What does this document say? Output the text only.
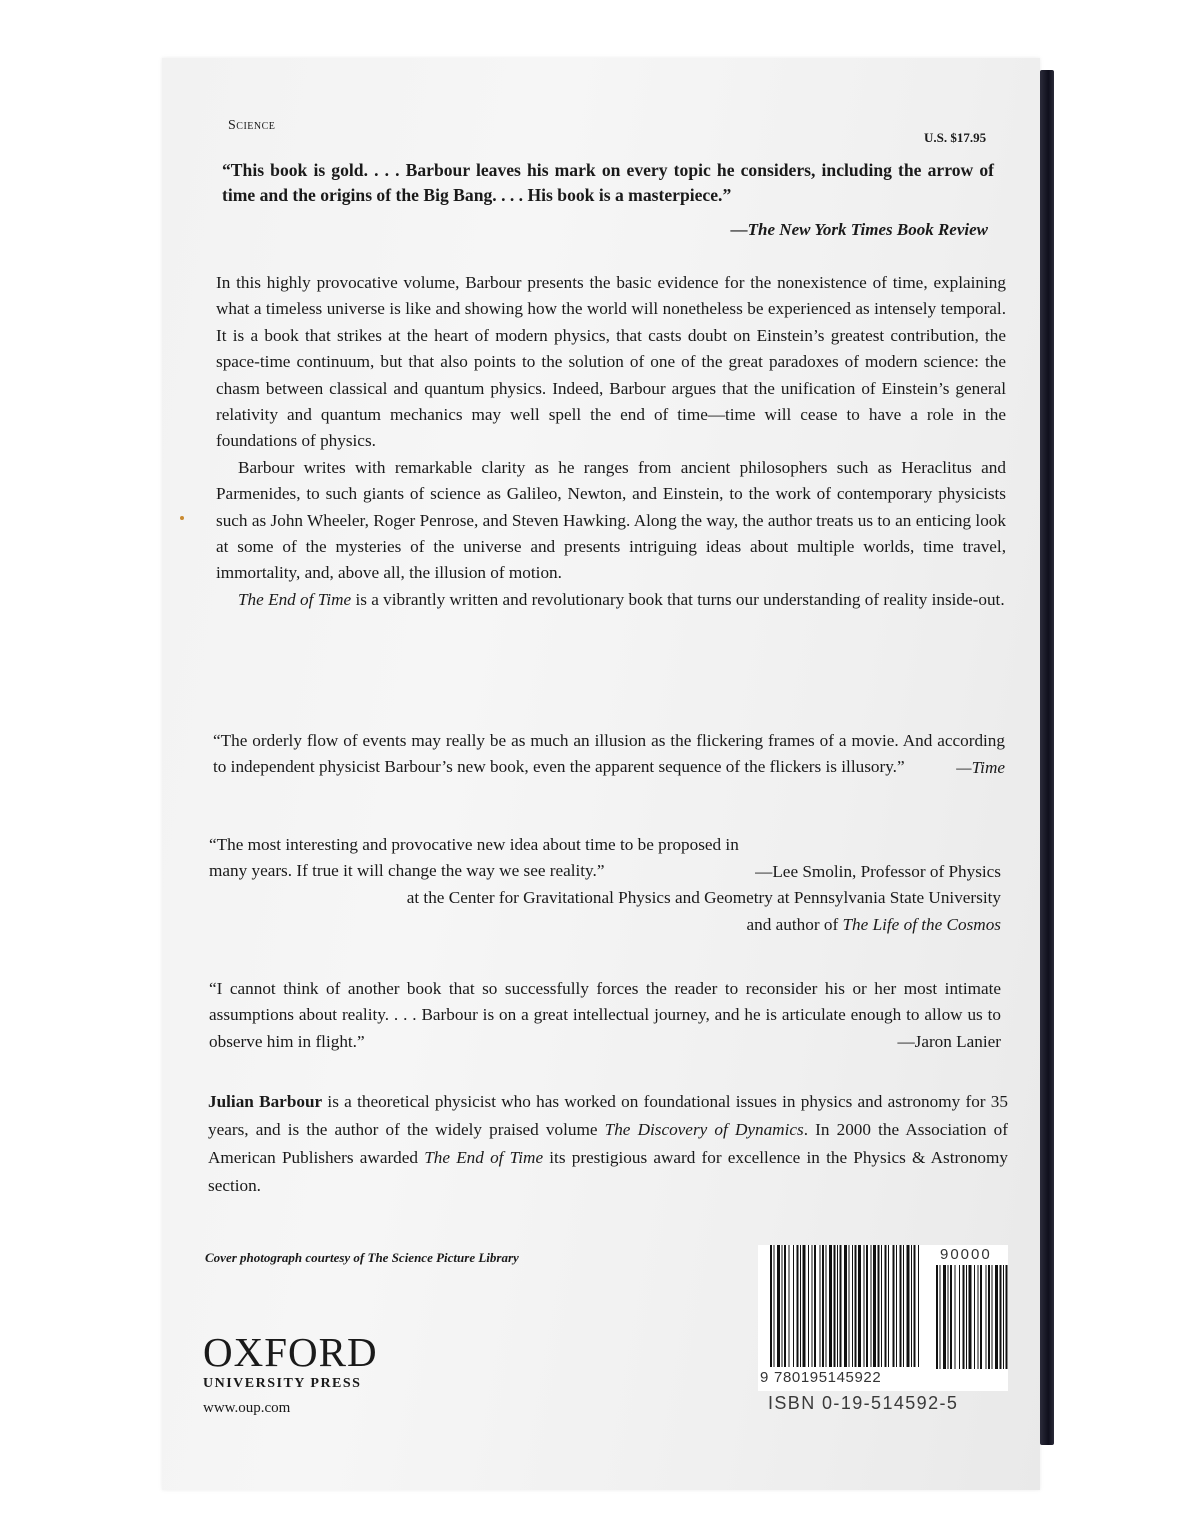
Science
U.S. $17.95
“This book is gold. . . . Barbour leaves his mark on every topic he considers, including the arrow of time and the origins of the Big Bang. . . . His book is a masterpiece.”
—The New York Times Book Review

In this highly provocative volume, Barbour presents the basic evidence for the nonexistence of time, explaining what a timeless universe is like and showing how the world will nonetheless be experienced as intensely temporal. It is a book that strikes at the heart of modern physics, that casts doubt on Einstein’s greatest contribution, the space-time continuum, but that also points to the solution of one of the great paradoxes of modern science: the chasm between classical and quantum physics. Indeed, Barbour argues that the unification of Einstein’s general relativity and quantum mechanics may well spell the end of time—time will cease to have a role in the foundations of physics.

Barbour writes with remarkable clarity as he ranges from ancient philosophers such as Heraclitus and Parmenides, to such giants of science as Galileo, Newton, and Einstein, to the work of contemporary physicists such as John Wheeler, Roger Penrose, and Steven Hawking. Along the way, the author treats us to an enticing look at some of the mysteries of the universe and presents intriguing ideas about multiple worlds, time travel, immortality, and, above all, the illusion of motion.

The End of Time is a vibrantly written and revolutionary book that turns our understanding of reality inside-out.

“The orderly flow of events may really be as much an illusion as the flickering frames of a movie. And according to independent physicist Barbour’s new book, even the apparent sequence of the flickers is illusory.”	—Time

“The most interesting and provocative new idea about time to be proposed in many years. If true it will change the way we see reality.”	—Lee Smolin, Professor of Physics

at the Center for Gravitational Physics and Geometry at Pennsylvania State University

and author of The Life of the Cosmos

“I cannot think of another book that so successfully forces the reader to reconsider his or her most intimate assumptions about reality. . . . Barbour is on a great intellectual journey, and he is articulate enough to allow us to observe him in flight.”	—Jaron Lanier

Julian Barbour is a theoretical physicist who has worked on foundational issues in physics and astronomy for 35 years, and is the author of the widely praised volume The Discovery of Dynamics. In 2000 the Association of American Publishers awarded The End of Time its prestigious award for excellence in the Physics & Astronomy section.

Cover photograph courtesy of The Science Picture Library
OXFORD
UNIVERSITY PRESS
www.oup.com
90000
9 780195145922
ISBN 0-19-514592-5
